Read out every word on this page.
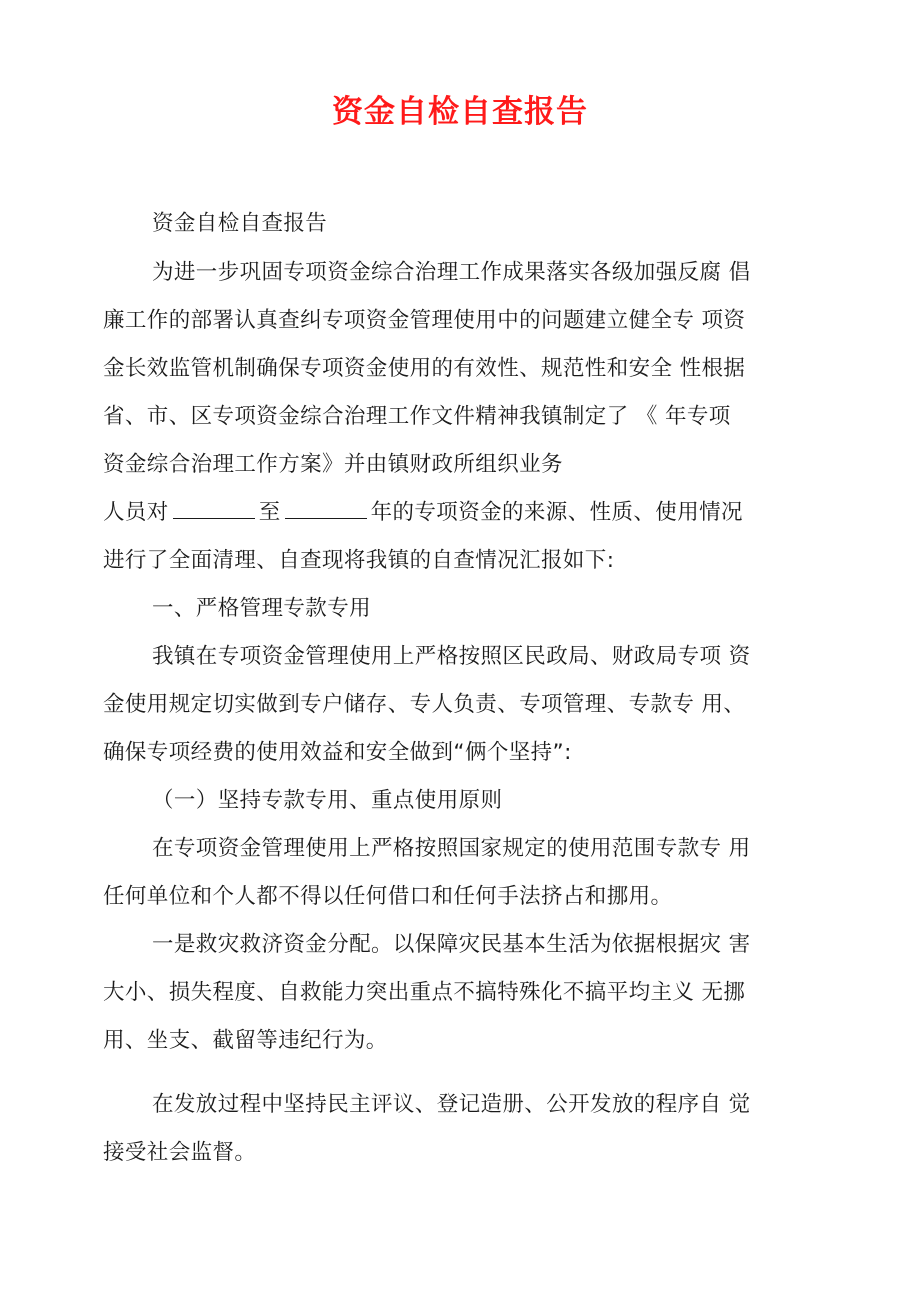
资金自检自查报告

资金自检自查报告

为进一步巩固专项资金综合治理工作成果落实各级加强反腐 倡

廉工作的部署认真查纠专项资金管理使用中的问题建立健全专 项资

金长效监管机制确保专项资金使用的有效性、规范性和安全 性根据

省、市、区专项资金综合治理工作文件精神我镇制定了 《 年专项

资金综合治理工作方案》并由镇财政所组织业务

人员对	至	年的专项资金的来源、性质、使用情况

进行了全面清理、自查现将我镇的自查情况汇报如下:

一、严格管理专款专用

我镇在专项资金管理使用上严格按照区民政局、财政局专项 资

金使用规定切实做到专户储存、专人负责、专项管理、专款专 用、

确保专项经费的使用效益和安全做到“俩个坚持”:

（一）坚持专款专用、重点使用原则

在专项资金管理使用上严格按照国家规定的使用范围专款专 用

任何单位和个人都不得以任何借口和任何手法挤占和挪用。

一是救灾救济资金分配。以保障灾民基本生活为依据根据灾 害

大小、损失程度、自救能力突出重点不搞特殊化不搞平均主义 无挪

用、坐支、截留等违纪行为。

在发放过程中坚持民主评议、登记造册、公开发放的程序自 觉

接受社会监督。
